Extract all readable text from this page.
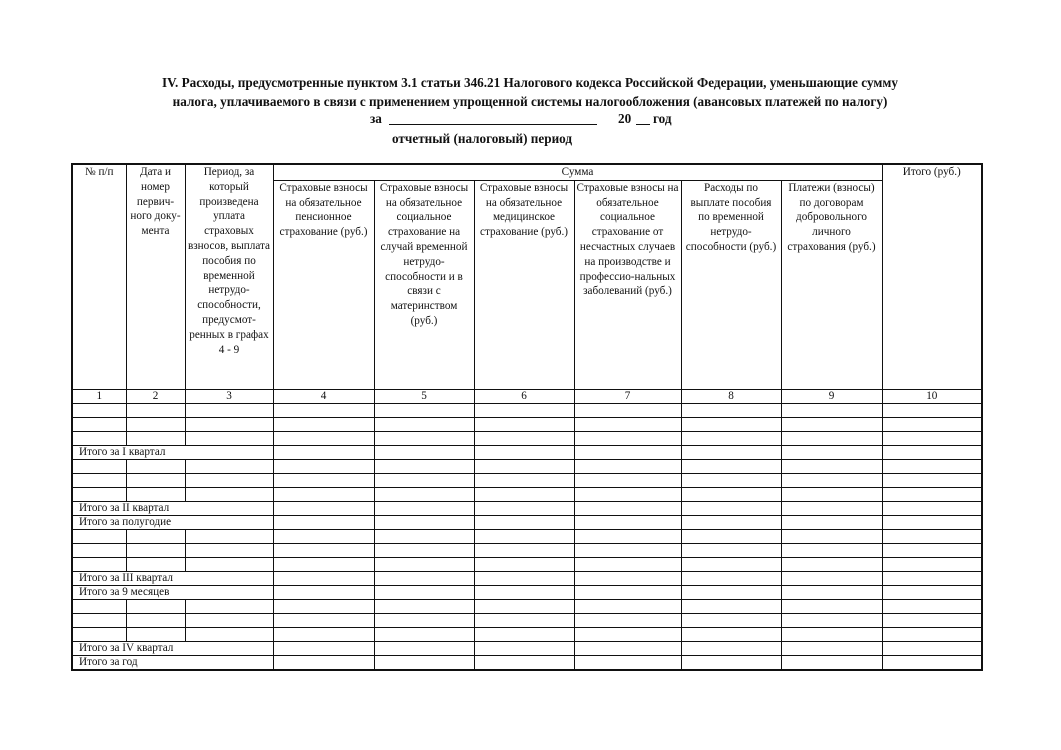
IV. Расходы, предусмотренные пунктом 3.1 статьи 346.21 Налогового кодекса Российской Федерации, уменьшающие сумму
налога, уплачиваемого в связи с применением упрощенной системы налогообложения (авансовых платежей по налогу)
за	20 год
отчетный (налоговый) период
№ п/п	Дата и номер первич-ного доку-мента	Период, за который произведена уплата страховых взносов, выплата пособия по временной нетрудо-способности, предусмот-ренных в графах 4 - 9	Сумма						Итого (руб.)
			Страховые взносы на обязательное пенсионное страхование (руб.)	Страховые взносы на обязательное социальное страхование на случай временной нетрудо-способности и в связи с материнством (руб.)	Страховые взносы на обязательное медицинское страхование (руб.)	Страховые взносы на обязательное социальное страхование от несчастных случаев на производстве и профессио-нальных заболеваний (руб.)	Расходы по выплате пособия по временной нетрудо-способности (руб.)	Платежи (взносы) по договорам добровольного личного страхования (руб.)	
1	2	3	4	5	6	7	8	9	10

Итого за I квартал									

Итого за II квартал									
Итого за полугодие									

Итого за III квартал									
Итого за 9 месяцев									

Итого за IV квартал									
Итого за год									
